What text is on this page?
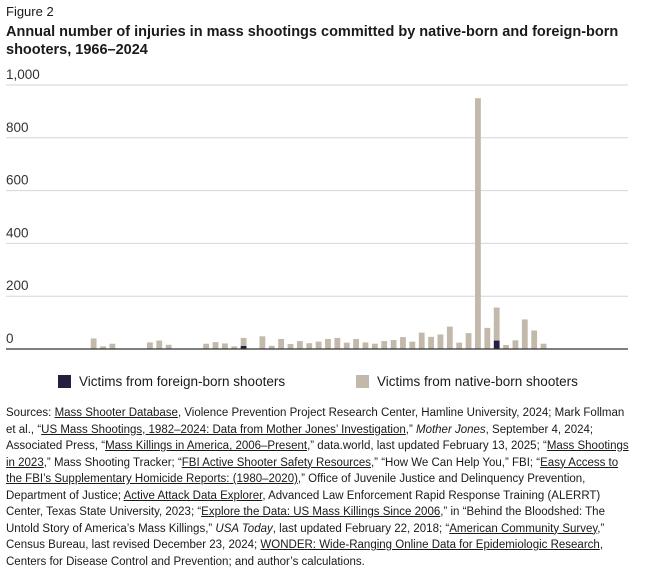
Figure 2
Annual number of injuries in mass shootings committed by native-born and foreign-born shooters, 1966–2024
0
200
400
600
800
1,000
Victims from foreign-born shooters	Victims from native-born shooters
Sources: Mass Shooter Database, Violence Prevention Project Research Center, Hamline University, 2024; Mark Follman et al., “US Mass Shootings, 1982–2024: Data from Mother Jones’ Investigation,” Mother Jones, September 4, 2024; Associated Press, “Mass Killings in America, 2006–Present,” data.world, last updated February 13, 2025; “Mass Shootings in 2023,” Mass Shooting Tracker; “FBI Active Shooter Safety Resources,” “How We Can Help You,” FBI; “Easy Access to the FBI’s Supplementary Homicide Reports: (1980–2020),” Office of Juvenile Justice and Delinquency Prevention, Department of Justice; Active Attack Data Explorer, Advanced Law Enforcement Rapid Response Training (ALERRT) Center, Texas State University, 2023; “Explore the Data: US Mass Killings Since 2006,” in “Behind the Bloodshed: The Untold Story of America’s Mass Killings,” USA Today, last updated February 22, 2018; “American Community Survey,” Census Bureau, last revised December 23, 2024; WONDER: Wide-Ranging Online Data for Epidemiologic Research, Centers for Disease Control and Prevention; and author’s calculations.
